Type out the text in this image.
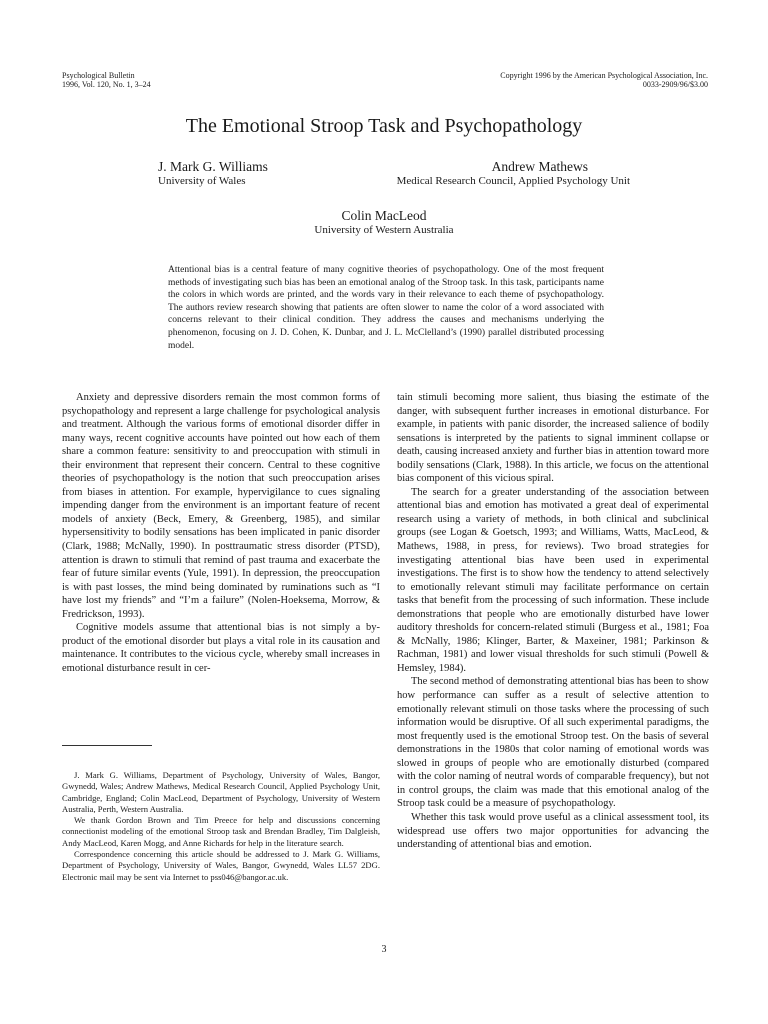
Psychological Bulletin
1996, Vol. 120, No. 1, 3–24
Copyright 1996 by the American Psychological Association, Inc.
0033-2909/96/$3.00
The Emotional Stroop Task and Psychopathology
J. Mark G. Williams
University of Wales
Andrew Mathews
Medical Research Council, Applied Psychology Unit
Colin MacLeod
University of Western Australia

Attentional bias is a central feature of many cognitive theories of psychopathology. One of the most frequent methods of investigating such bias has been an emotional analog of the Stroop task. In this task, participants name the colors in which words are printed, and the words vary in their relevance to each theme of psychopathology. The authors review research showing that patients are often slower to name the color of a word associated with concerns relevant to their clinical condition. They address the causes and mechanisms underlying the phenomenon, focusing on J. D. Cohen, K. Dunbar, and J. L. McClelland’s (1990) parallel distributed processing model.

Anxiety and depressive disorders remain the most common forms of psychopathology and represent a large challenge for psychological analysis and treatment. Although the various forms of emotional disorder differ in many ways, recent cognitive accounts have pointed out how each of them share a common feature: sensitivity to and preoccupation with stimuli in their environment that represent their concern. Central to these cognitive theories of psychopathology is the notion that such preoccupation arises from biases in attention. For example, hypervigilance to cues signaling impending danger from the environment is an important feature of recent models of anxiety (Beck, Emery, & Greenberg, 1985), and similar hypersensitivity to bodily sensations has been implicated in panic disorder (Clark, 1988; McNally, 1990). In posttraumatic stress disorder (PTSD), attention is drawn to stimuli that remind of past trauma and exacerbate the fear of future similar events (Yule, 1991). In depression, the preoccupation is with past losses, the mind being dominated by ruminations such as “I have lost my friends” and “I’m a failure” (Nolen-Hoeksema, Morrow, & Fredrickson, 1993).

Cognitive models assume that attentional bias is not simply a by-product of the emotional disorder but plays a vital role in its causation and maintenance. It contributes to the vicious cycle, whereby small increases in emotional disturbance result in cer-

tain stimuli becoming more salient, thus biasing the estimate of the danger, with subsequent further increases in emotional disturbance. For example, in patients with panic disorder, the increased salience of bodily sensations is interpreted by the patients to signal imminent collapse or death, causing increased anxiety and further bias in attention toward more bodily sensations (Clark, 1988). In this article, we focus on the attentional bias component of this vicious spiral.

The search for a greater understanding of the association between attentional bias and emotion has motivated a great deal of experimental research using a variety of methods, in both clinical and subclinical groups (see Logan & Goetsch, 1993; and Williams, Watts, MacLeod, & Mathews, 1988, in press, for reviews). Two broad strategies for investigating attentional bias have been used in experimental investigations. The first is to show how the tendency to attend selectively to emotionally relevant stimuli may facilitate performance on certain tasks that benefit from the processing of such information. These include demonstrations that people who are emotionally disturbed have lower auditory thresholds for concern-related stimuli (Burgess et al., 1981; Foa & McNally, 1986; Klinger, Barter, & Maxeiner, 1981; Parkinson & Rachman, 1981) and lower visual thresholds for such stimuli (Powell & Hemsley, 1984).

The second method of demonstrating attentional bias has been to show how performance can suffer as a result of selective attention to emotionally relevant stimuli on those tasks where the processing of such information would be disruptive. Of all such experimental paradigms, the most frequently used is the emotional Stroop test. On the basis of several demonstrations in the 1980s that color naming of emotional words was slowed in groups of people who are emotionally disturbed (compared with the color naming of neutral words of comparable frequency), but not in control groups, the claim was made that this emotional analog of the Stroop task could be a measure of psychopathology.

Whether this task would prove useful as a clinical assessment tool, its widespread use offers two major opportunities for advancing the understanding of attentional bias and emotion.

J. Mark G. Williams, Department of Psychology, University of Wales, Bangor, Gwynedd, Wales; Andrew Mathews, Medical Research Council, Applied Psychology Unit, Cambridge, England; Colin MacLeod, Department of Psychology, University of Western Australia, Perth, Western Australia.

We thank Gordon Brown and Tim Preece for help and discussions concerning connectionist modeling of the emotional Stroop task and Brendan Bradley, Tim Dalgleish, Andy MacLeod, Karen Mogg, and Anne Richards for help in the literature search.

Correspondence concerning this article should be addressed to J. Mark G. Williams, Department of Psychology, University of Wales, Bangor, Gwynedd, Wales LL57 2DG. Electronic mail may be sent via Internet to pss046@bangor.ac.uk.

3
